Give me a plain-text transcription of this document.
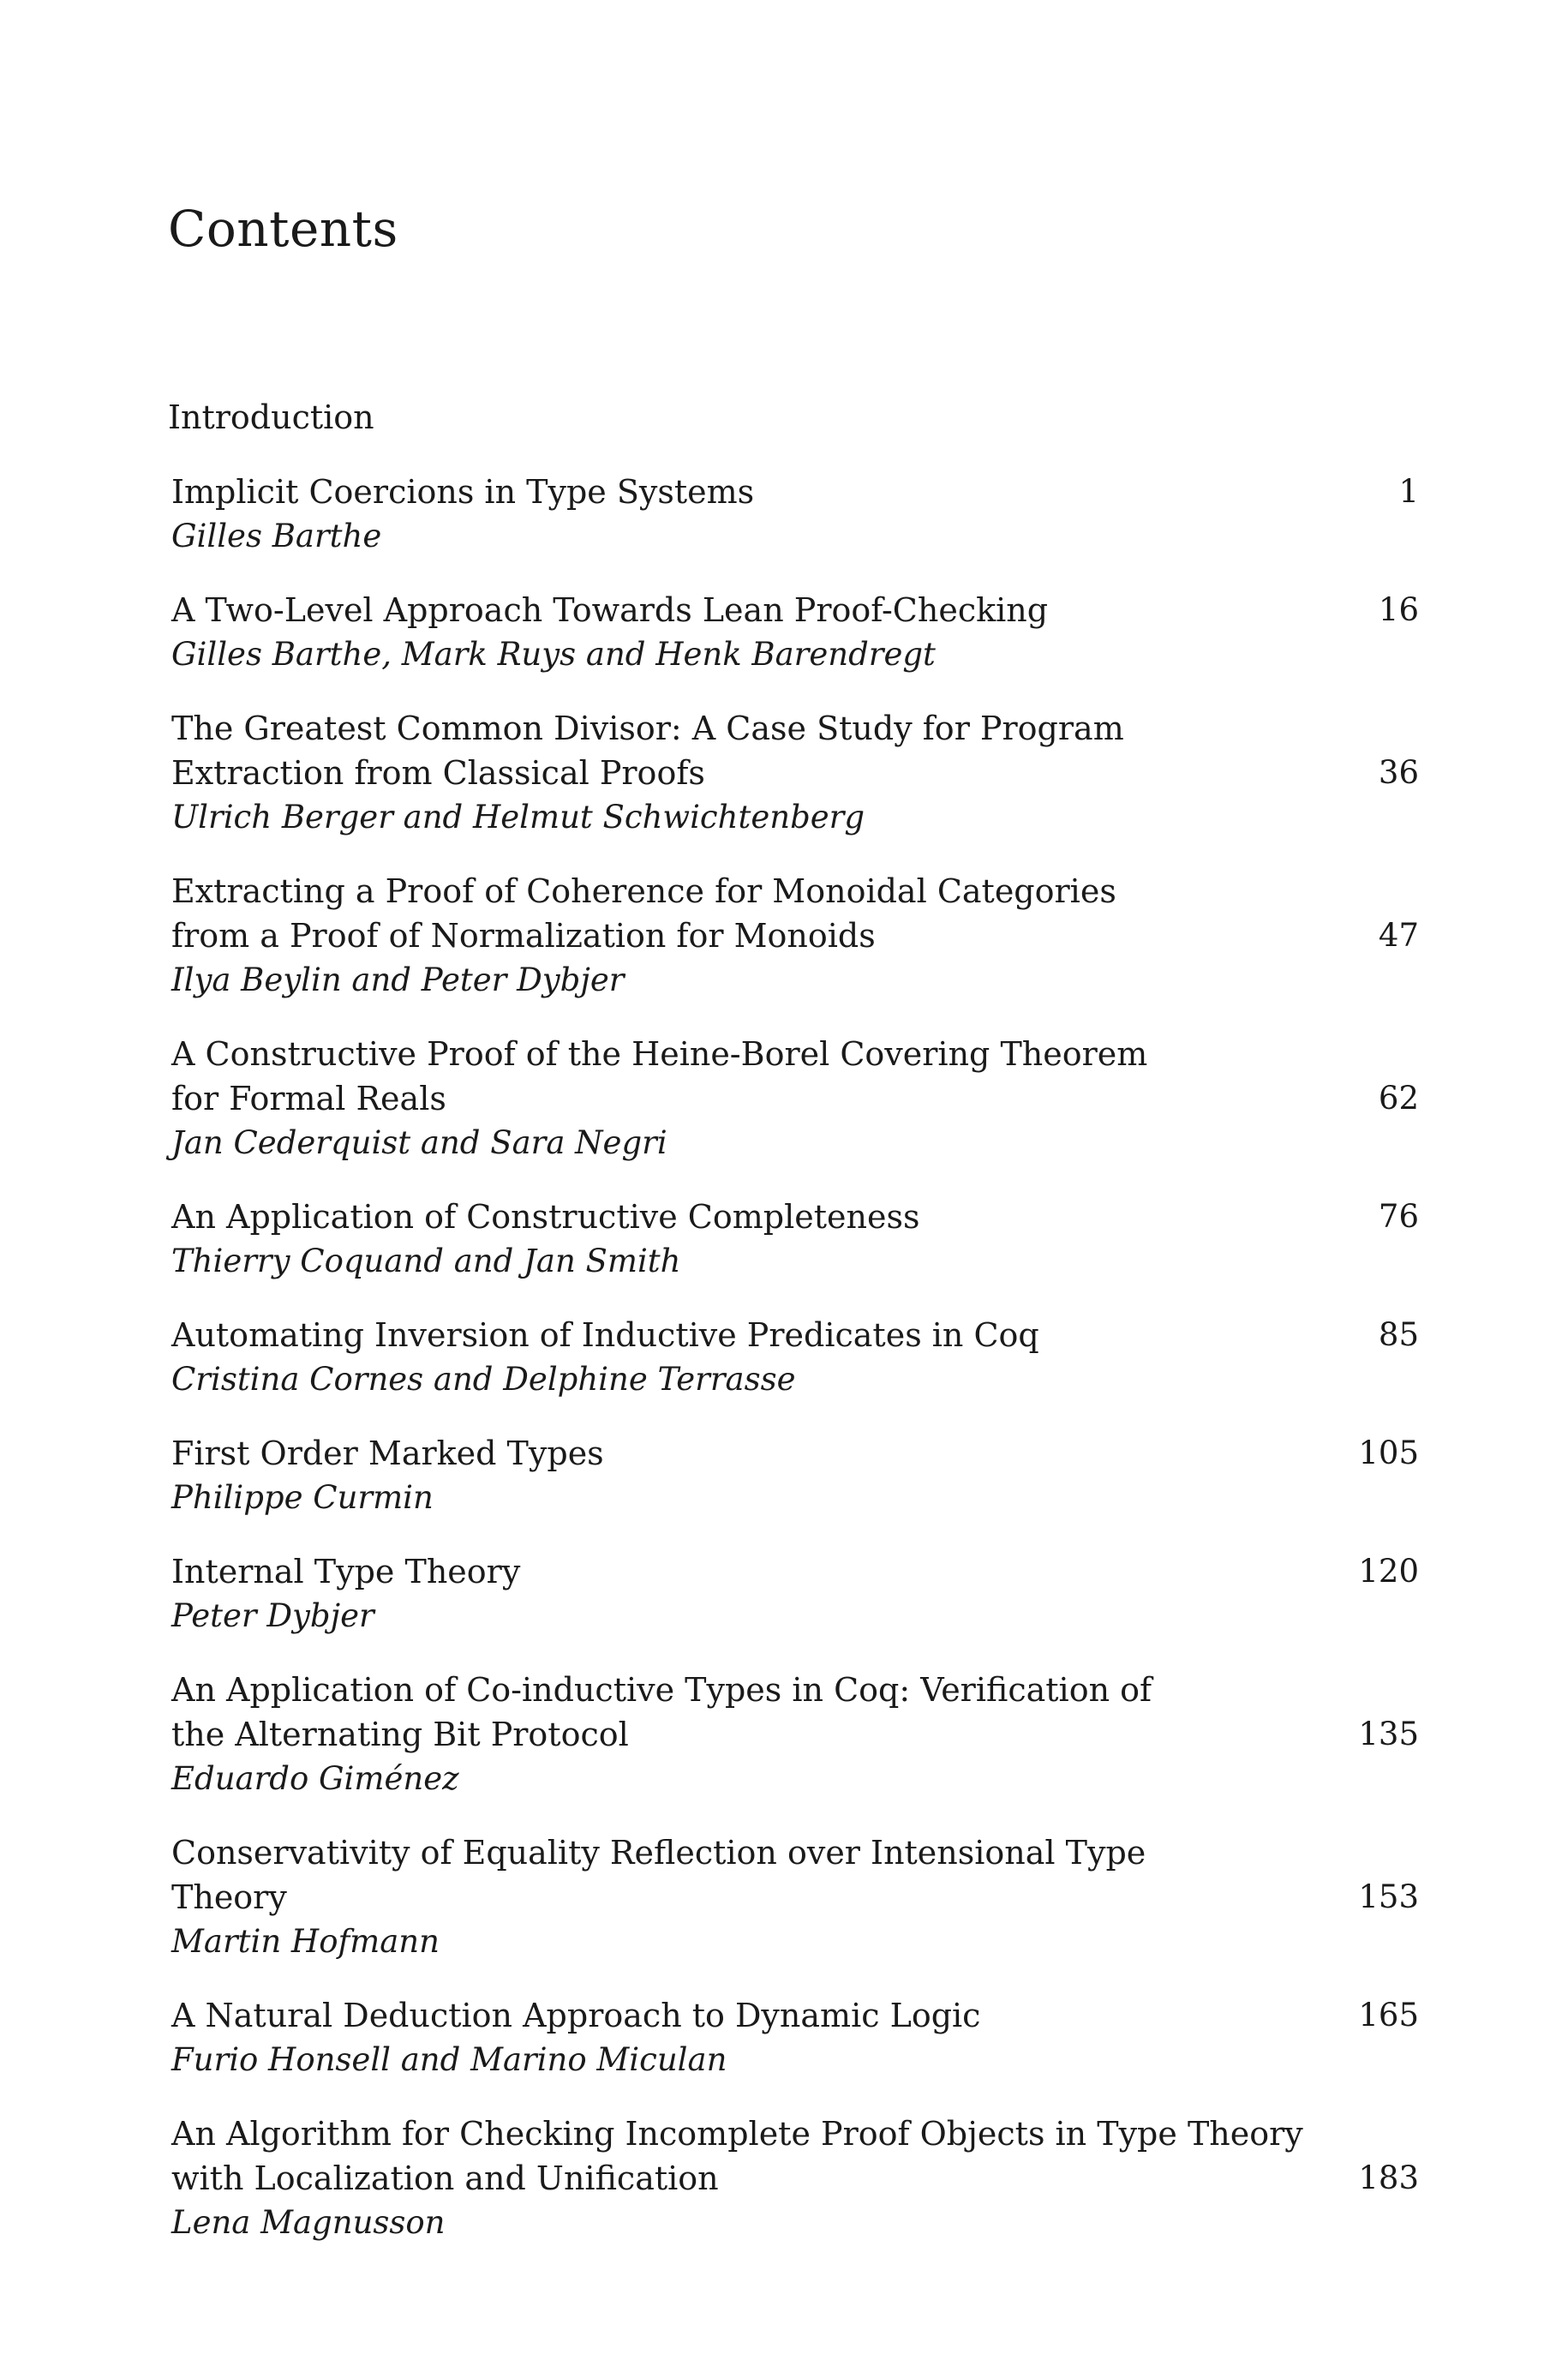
Contents

Introduction

Implicit Coercions in Type Systems	1
Gilles Barthe
A Two-Level Approach Towards Lean Proof-Checking	16
Gilles Barthe, Mark Ruys and Henk Barendregt
The Greatest Common Divisor: A Case Study for Program
Extraction from Classical Proofs	36
Ulrich Berger and Helmut Schwichtenberg
Extracting a Proof of Coherence for Monoidal Categories
from a Proof of Normalization for Monoids	47
Ilya Beylin and Peter Dybjer
A Constructive Proof of the Heine-Borel Covering Theorem
for Formal Reals	62
Jan Cederquist and Sara Negri
An Application of Constructive Completeness	76
Thierry Coquand and Jan Smith
Automating Inversion of Inductive Predicates in Coq	85
Cristina Cornes and Delphine Terrasse
First Order Marked Types	105
Philippe Curmin
Internal Type Theory	120
Peter Dybjer
An Application of Co-inductive Types in Coq: Verification of
the Alternating Bit Protocol	135
Eduardo Giménez
Conservativity of Equality Reflection over Intensional Type
Theory	153
Martin Hofmann
A Natural Deduction Approach to Dynamic Logic	165
Furio Honsell and Marino Miculan
An Algorithm for Checking Incomplete Proof Objects in Type Theory
with Localization and Unification	183
Lena Magnusson
